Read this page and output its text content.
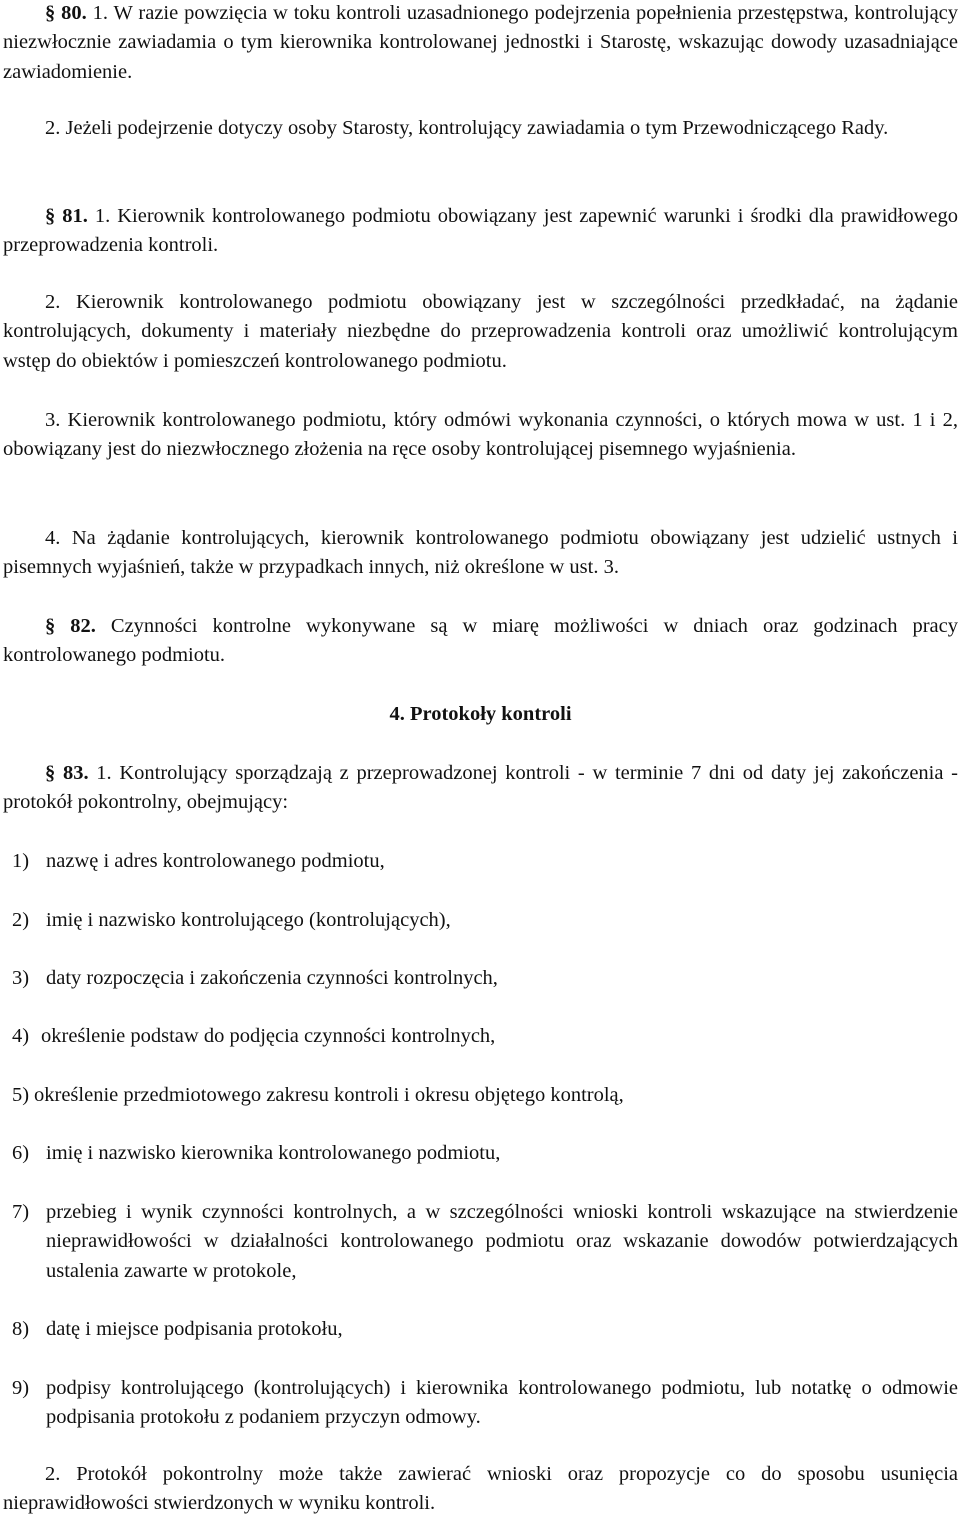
§ 80. 1. W razie powzięcia w toku kontroli uzasadnionego podejrzenia popełnienia przestępstwa, kontrolujący niezwłocznie zawiadamia o tym kierownika kontrolowanej jednostki i Starostę, wskazując dowody uzasadniające zawiadomienie.

2. Jeżeli podejrzenie dotyczy osoby Starosty, kontrolujący zawiadamia o tym Przewodniczącego Rady.

§ 81. 1. Kierownik kontrolowanego podmiotu obowiązany jest zapewnić warunki i środki dla prawidłowego przeprowadzenia kontroli.

2. Kierownik kontrolowanego podmiotu obowiązany jest w szczególności przedkładać, na żądanie kontrolujących, dokumenty i materiały niezbędne do przeprowadzenia kontroli oraz umożliwić kontrolującym wstęp do obiektów i pomieszczeń kontrolowanego podmiotu.

3. Kierownik kontrolowanego podmiotu, który odmówi wykonania czynności, o których mowa w ust. 1 i 2, obowiązany jest do niezwłocznego złożenia na ręce osoby kontrolującej pisemnego wyjaśnienia.

4. Na żądanie kontrolujących, kierownik kontrolowanego podmiotu obowiązany jest udzielić ustnych i pisemnych wyjaśnień, także w przypadkach innych, niż określone w ust. 3.

§ 82. Czynności kontrolne wykonywane są w miarę możliwości w dniach oraz godzinach pracy kontrolowanego podmiotu.

4. Protokoły kontroli

§ 83. 1. Kontrolujący sporządzają z przeprowadzonej kontroli - w terminie 7 dni od daty jej zakończenia - protokół pokontrolny, obejmujący:

1) nazwę i adres kontrolowanego podmiotu,
2) imię i nazwisko kontrolującego (kontrolujących),
3) daty rozpoczęcia i zakończenia czynności kontrolnych,
4) określenie podstaw do podjęcia czynności kontrolnych,
5) określenie przedmiotowego zakresu kontroli i okresu objętego kontrolą,
6) imię i nazwisko kierownika kontrolowanego podmiotu,
7) przebieg i wynik czynności kontrolnych, a w szczególności wnioski kontroli wskazujące na stwierdzenie nieprawidłowości w działalności kontrolowanego podmiotu oraz wskazanie dowodów potwierdzających ustalenia zawarte w protokole,
8) datę i miejsce podpisania protokołu,
9) podpisy kontrolującego (kontrolujących) i kierownika kontrolowanego podmiotu, lub notatkę o odmowie podpisania protokołu z podaniem przyczyn odmowy.

2. Protokół pokontrolny może także zawierać wnioski oraz propozycje co do sposobu usunięcia nieprawidłowości stwierdzonych w wyniku kontroli.
